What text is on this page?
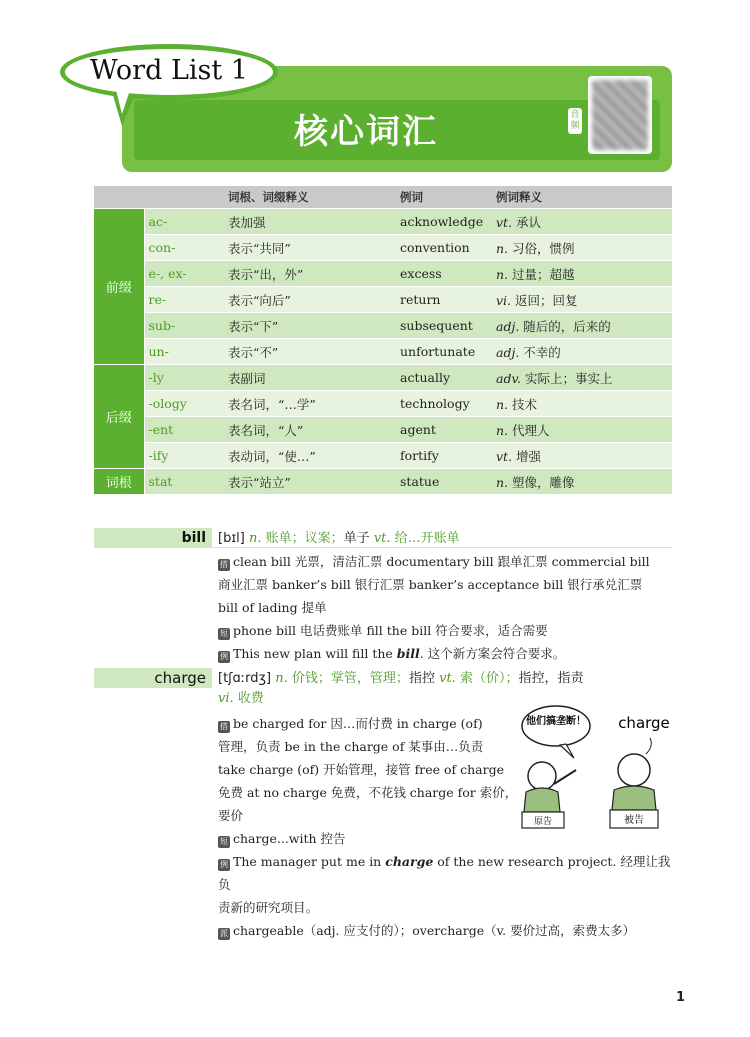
核心词汇	音频
Word List 1
		词根、词缀释义	例词	例词释义
前缀	ac-	表加强	acknowledge	vt. 承认
	con-	表示“共同”	convention	n. 习俗，惯例
	e-, ex-	表示“出，外”	excess	n. 过量；超越
	re-	表示“向后”	return	vi. 返回；回复
	sub-	表示“下”	subsequent	adj. 随后的，后来的
	un-	表示“不”	unfortunate	adj. 不幸的
后缀	-ly	表副词	actually	adv. 实际上；事实上
	-ology	表名词，“…学”	technology	n. 技术
	-ent	表名词，“人”	agent	n. 代理人
	-ify	表动词，“使…”	fortify	vt. 增强
词根	stat	表示“站立”	statue	n. 塑像，雕像
bill [bɪl] n. 账单；议案；单子 vt. 给…开账单
搭 clean bill 光票，清洁汇票 documentary bill 跟单汇票 commercial bill
商业汇票 banker’s bill 银行汇票 banker’s acceptance bill 银行承兑汇票
bill of lading 提单
短 phone bill 电话费账单 fill the bill 符合要求，适合需要
例 This new plan will fill the bill. 这个新方案会符合要求。
charge [tʃɑːrdʒ] n. 价钱；掌管，管理；指控 vt. 索（价）；指控，指责
vi. 收费
搭 be charged for 因…而付费 in charge (of)
管理，负责 be in the charge of 某事由…负责
take charge (of) 开始管理，接管 free of charge
免费 at no charge 免费，不花钱 charge for 索价，
要价
短 charge...with 控告
例 The manager put me in charge of the new research project. 经理让我负
责新的研究项目。
派 chargeable（adj. 应支付的）；overcharge（v. 要价过高，索费太多）
他们搞垄断！ charge
原告	被告
1
